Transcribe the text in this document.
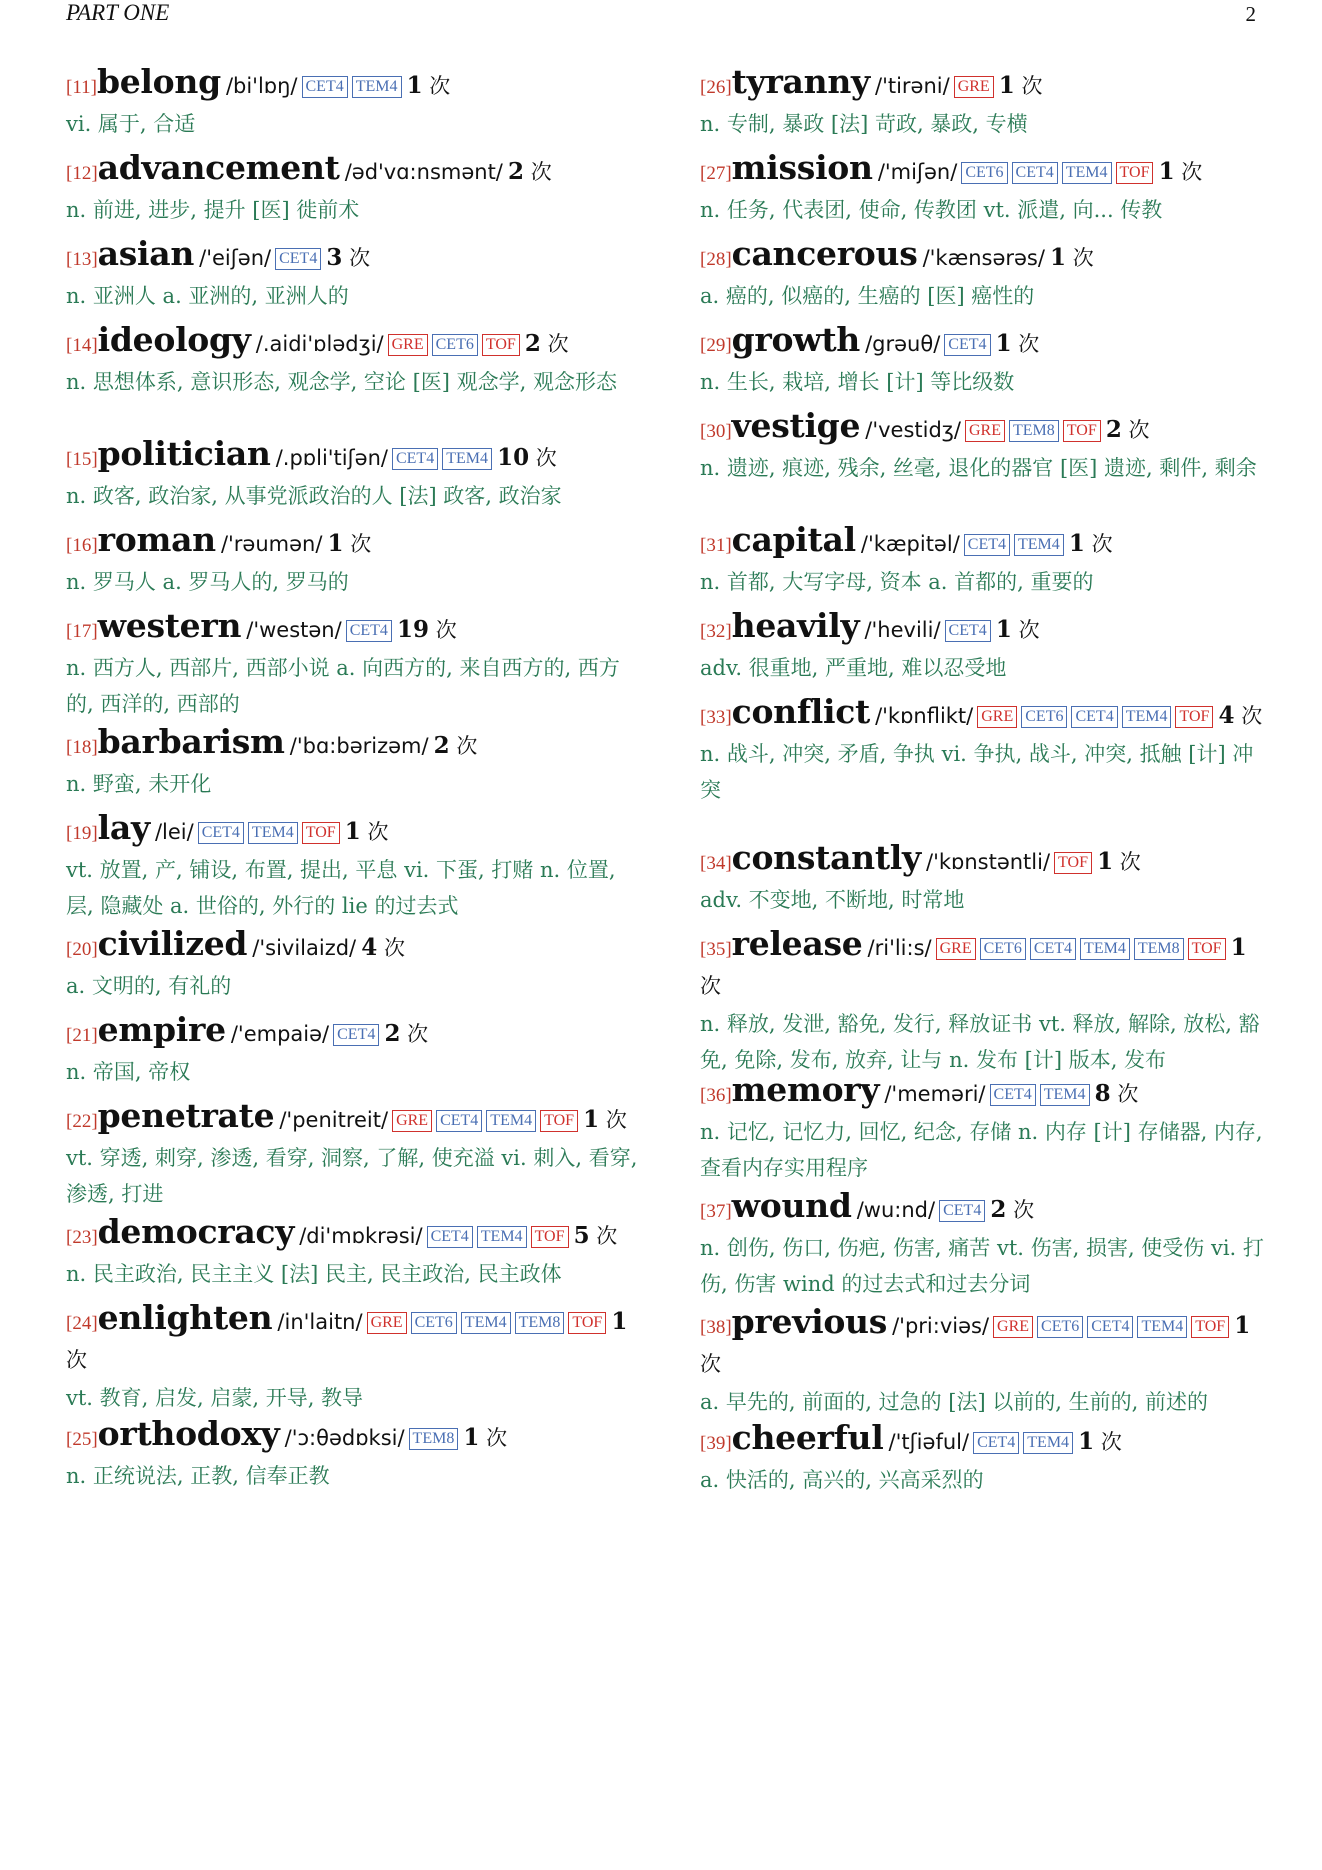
PART ONE	2
[11]belong /bi'lɒŋ/ CET4 TEM4 1 次
vi. 属于, 合适
[12]advancement /əd'vɑ:nsmənt/ 2 次
n. 前进, 进步, 提升 [医] 徙前术
[13]asian /'eiʃən/ CET4 3 次
n. 亚洲人 a. 亚洲的, 亚洲人的
[14]ideology /.aidi'ɒlədʒi/ GRE CET6 TOF 2 次
n. 思想体系, 意识形态, 观念学, 空论 [医] 观念学, 观念形态
[15]politician /.pɒli'tiʃən/ CET4 TEM4 10 次
n. 政客, 政治家, 从事党派政治的人 [法] 政客, 政治家
[16]roman /'rəumən/ 1 次
n. 罗马人 a. 罗马人的, 罗马的
[17]western /'westən/ CET4 19 次
n. 西方人, 西部片, 西部小说 a. 向西方的, 来自西方的, 西方的, 西洋的, 西部的
[18]barbarism /'bɑ:bərizəm/ 2 次
n. 野蛮, 未开化
[19]lay /lei/ CET4 TEM4 TOF 1 次
vt. 放置, 产, 铺设, 布置, 提出, 平息 vi. 下蛋, 打赌 n. 位置, 层, 隐藏处 a. 世俗的, 外行的 lie 的过去式
[20]civilized /'sivilaizd/ 4 次
a. 文明的, 有礼的
[21]empire /'empaiə/ CET4 2 次
n. 帝国, 帝权
[22]penetrate /'penitreit/ GRE CET4 TEM4 TOF 1 次
vt. 穿透, 刺穿, 渗透, 看穿, 洞察, 了解, 使充溢 vi. 刺入, 看穿, 渗透, 打进
[23]democracy /di'mɒkrəsi/ CET4 TEM4 TOF 5 次
n. 民主政治, 民主主义 [法] 民主, 民主政治, 民主政体
[24]enlighten /in'laitn/ GRE CET6 TEM4 TEM8 TOF 1 次
vt. 教育, 启发, 启蒙, 开导, 教导
[25]orthodoxy /'ɔ:θədɒksi/ TEM8 1 次
n. 正统说法, 正教, 信奉正教
[26]tyranny /'tirəni/ GRE 1 次
n. 专制, 暴政 [法] 苛政, 暴政, 专横
[27]mission /'miʃən/ CET6 CET4 TEM4 TOF 1 次
n. 任务, 代表团, 使命, 传教团 vt. 派遣, 向... 传教
[28]cancerous /'kænsərəs/ 1 次
a. 癌的, 似癌的, 生癌的 [医] 癌性的
[29]growth /grəuθ/ CET4 1 次
n. 生长, 栽培, 增长 [计] 等比级数
[30]vestige /'vestidʒ/ GRE TEM8 TOF 2 次
n. 遗迹, 痕迹, 残余, 丝毫, 退化的器官 [医] 遗迹, 剩件, 剩余
[31]capital /'kæpitəl/ CET4 TEM4 1 次
n. 首都, 大写字母, 资本 a. 首都的, 重要的
[32]heavily /'hevili/ CET4 1 次
adv. 很重地, 严重地, 难以忍受地
[33]conflict /'kɒnflikt/ GRE CET6 CET4 TEM4 TOF 4 次
n. 战斗, 冲突, 矛盾, 争执 vi. 争执, 战斗, 冲突, 抵触 [计] 冲突
[34]constantly /'kɒnstəntli/ TOF 1 次
adv. 不变地, 不断地, 时常地
[35]release /ri'li:s/ GRE CET6 CET4 TEM4 TEM8 TOF 1 次
n. 释放, 发泄, 豁免, 发行, 释放证书 vt. 释放, 解除, 放松, 豁免, 免除, 发布, 放弃, 让与 n. 发布 [计] 版本, 发布
[36]memory /'meməri/ CET4 TEM4 8 次
n. 记忆, 记忆力, 回忆, 纪念, 存储 n. 内存 [计] 存储器, 内存, 查看内存实用程序
[37]wound /wu:nd/ CET4 2 次
n. 创伤, 伤口, 伤疤, 伤害, 痛苦 vt. 伤害, 损害, 使受伤 vi. 打伤, 伤害 wind 的过去式和过去分词
[38]previous /'pri:viəs/ GRE CET6 CET4 TEM4 TOF 1 次
a. 早先的, 前面的, 过急的 [法] 以前的, 生前的, 前述的
[39]cheerful /'tʃiəful/ CET4 TEM4 1 次
a. 快活的, 高兴的, 兴高采烈的
